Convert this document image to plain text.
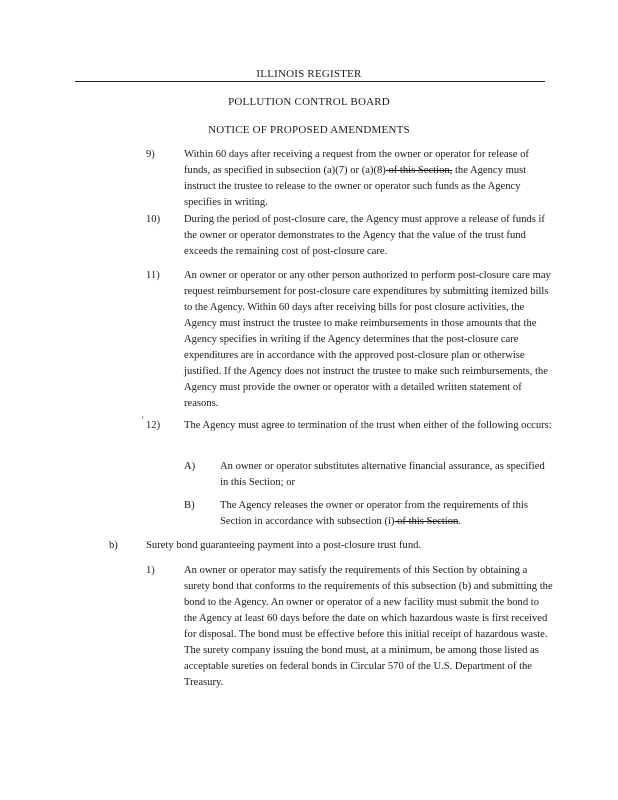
ILLINOIS REGISTER
POLLUTION CONTROL BOARD
NOTICE OF PROPOSED AMENDMENTS
9)	Within 60 days after receiving a request from the owner or operator for release of funds, as specified in subsection (a)(7) or (a)(8) of this Section, the Agency must instruct the trustee to release to the owner or operator such funds as the Agency specifies in writing.
10) During the period of post-closure care, the Agency must approve a release of funds if the owner or operator demonstrates to the Agency that the value of the trust fund exceeds the remaining cost of post-closure care.
11) An owner or operator or any other person authorized to perform post-closure care may request reimbursement for post-closure care expenditures by submitting itemized bills to the Agency. Within 60 days after receiving bills for post closure activities, the Agency must instruct the trustee to make reimbursements in those amounts that the Agency specifies in writing if the Agency determines that the post-closure care expenditures are in accordance with the approved post-closure plan or otherwise justified. If the Agency does not instruct the trustee to make such reimbursements, the Agency must provide the owner or operator with a detailed written statement of reasons.
' 12) The Agency must agree to termination of the trust when either of the following occurs:
A) An owner or operator substitutes alternative financial assurance, as specified in this Section; or
B) The Agency releases the owner or operator from the requirements of this Section in accordance with subsection (i) of this Section.
b)	Surety bond guaranteeing payment into a post-closure trust fund.
1)	An owner or operator may satisfy the requirements of this Section by obtaining a surety bond that conforms to the requirements of this subsection (b) and submitting the bond to the Agency. An owner or operator of a new facility must submit the bond to the Agency at least 60 days before the date on which hazardous waste is first received for disposal. The bond must be effective before this initial receipt of hazardous waste. The surety company issuing the bond must, at a minimum, be among those listed as acceptable sureties on federal bonds in Circular 570 of the U.S. Department of the Treasury.
